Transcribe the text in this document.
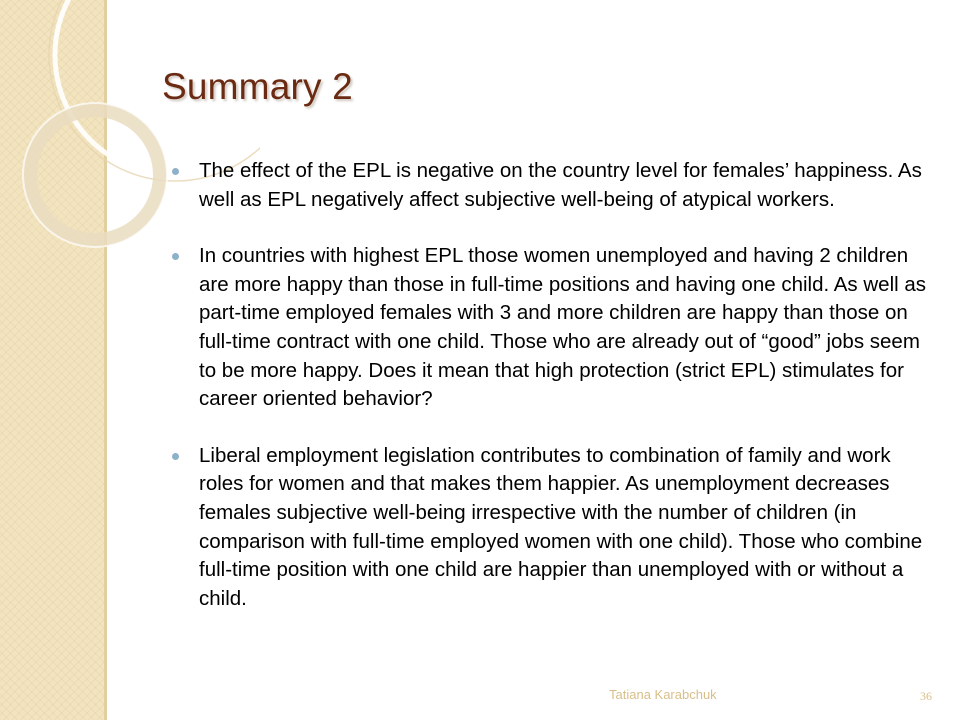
Summary 2
The effect of the EPL is negative on the country level for females’ happiness. As well as EPL negatively affect subjective well-being of atypical workers.
In countries with highest EPL those women unemployed and having 2 children are more happy than those in full-time positions and having one child. As well as part-time employed females with 3 and more children are happy than those on full-time contract with one child. Those who are already out of “good” jobs seem to be more happy. Does it mean that high protection (strict EPL) stimulates for career oriented behavior?
Liberal employment legislation contributes to combination of family and work roles for women and that makes them happier. As unemployment decreases females subjective well-being irrespective with the number of children (in comparison with full-time employed women with one child). Those who combine full-time position with one child are happier than unemployed with or without a child.
Tatiana Karabchuk	36
